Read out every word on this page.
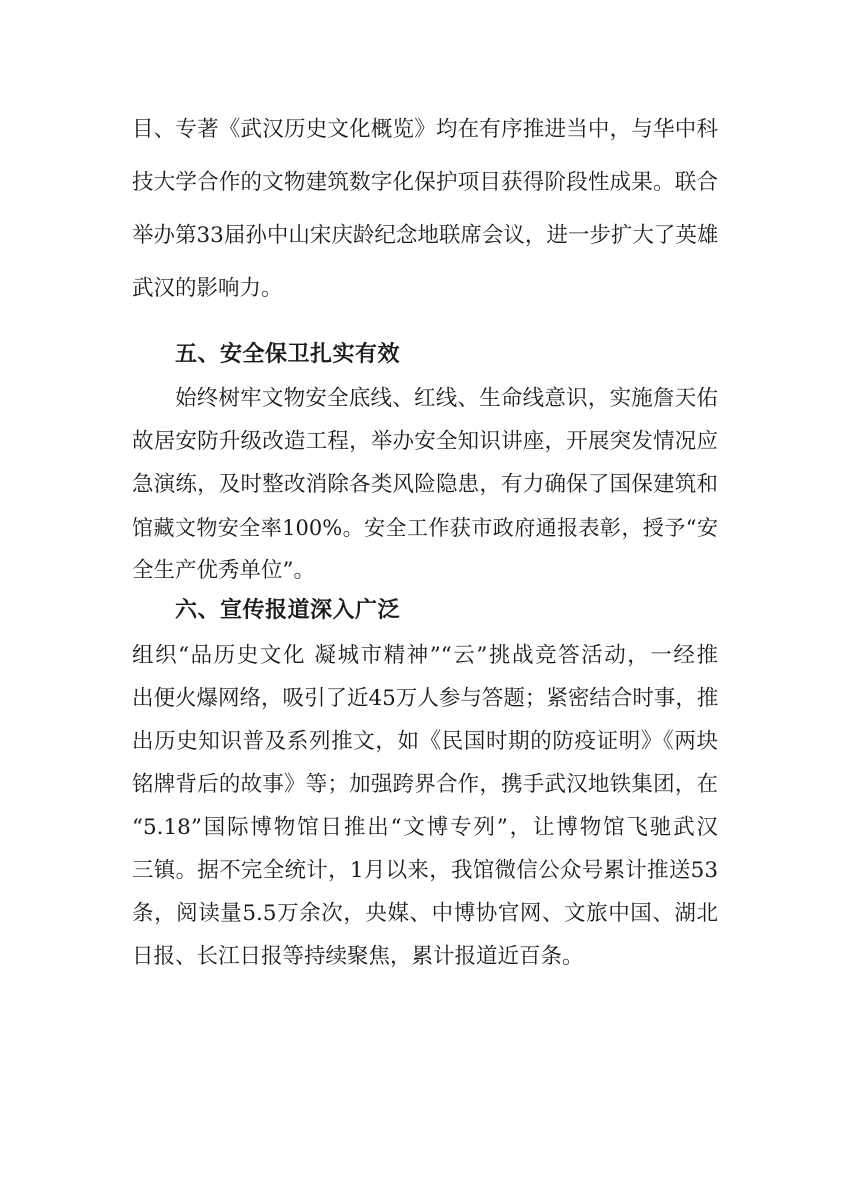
目、专著《武汉历史文化概览》均在有序推进当中，与华中科
技大学合作的文物建筑数字化保护项目获得阶段性成果。联合
举办第33届孙中山宋庆龄纪念地联席会议，进一步扩大了英雄
武汉的影响力。
五、安全保卫扎实有效
始终树牢文物安全底线、红线、生命线意识，实施詹天佑
故居安防升级改造工程，举办安全知识讲座，开展突发情况应
急演练，及时整改消除各类风险隐患，有力确保了国保建筑和
馆藏文物安全率100%。安全工作获市政府通报表彰，授予“安
全生产优秀单位”。
六、宣传报道深入广泛
组织“品历史文化 凝城市精神”“云”挑战竞答活动，一经推
出便火爆网络，吸引了近45万人参与答题；紧密结合时事，推
出历史知识普及系列推文，如《民国时期的防疫证明》《两块
铭牌背后的故事》等；加强跨界合作，携手武汉地铁集团，在
“5.18”国际博物馆日推出“文博专列”，让博物馆飞驰武汉
三镇。据不完全统计，1月以来，我馆微信公众号累计推送53
条，阅读量5.5万余次，央媒、中博协官网、文旅中国、湖北
日报、长江日报等持续聚焦，累计报道近百条。
